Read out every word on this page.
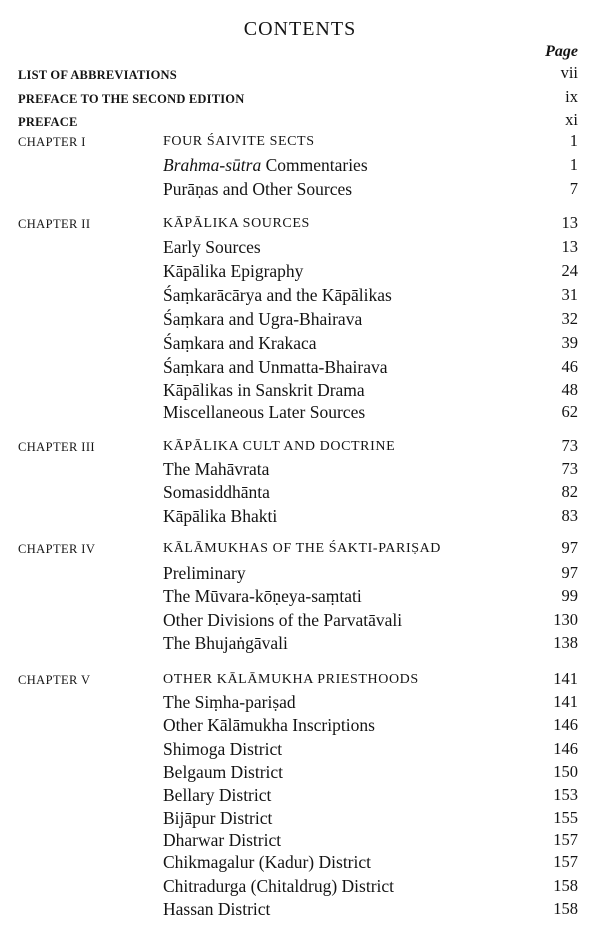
CONTENTS
Page
LIST OF ABBREVIATIONS	vii
PREFACE TO THE SECOND EDITION	ix
PREFACE	xi
CHAPTER I	FOUR ŚAIVITE SECTS	1
Brahma-sūtra Commentaries	1
Purāṇas and Other Sources	7
CHAPTER II	KĀPĀLIKA SOURCES	13
Early Sources	13
Kāpālika Epigraphy	24
Śaṃkarācārya and the Kāpālikas	31
Śaṃkara and Ugra-Bhairava	32
Śaṃkara and Krakaca	39
Śaṃkara and Unmatta-Bhairava	46
Kāpālikas in Sanskrit Drama	48
Miscellaneous Later Sources	62
CHAPTER III	KĀPĀLIKA CULT AND DOCTRINE	73
The Mahāvrata	73
Somasiddhānta	82
Kāpālika Bhakti	83
CHAPTER IV	KĀLĀMUKHAS OF THE ŚAKTI-PARIṢAD	97
Preliminary	97
The Mūvara-kōṇeya-saṃtati	99
Other Divisions of the Parvatāvali	130
The Bhujaṅgāvali	138
CHAPTER V	OTHER KĀLĀMUKHA PRIESTHOODS	141
The Siṃha-pariṣad	141
Other Kālāmukha Inscriptions	146
Shimoga District	146
Belgaum District	150
Bellary District	153
Bijāpur District	155
Dharwar District	157
Chikmagalur (Kadur) District	157
Chitradurga (Chitaldrug) District	158
Hassan District	158
